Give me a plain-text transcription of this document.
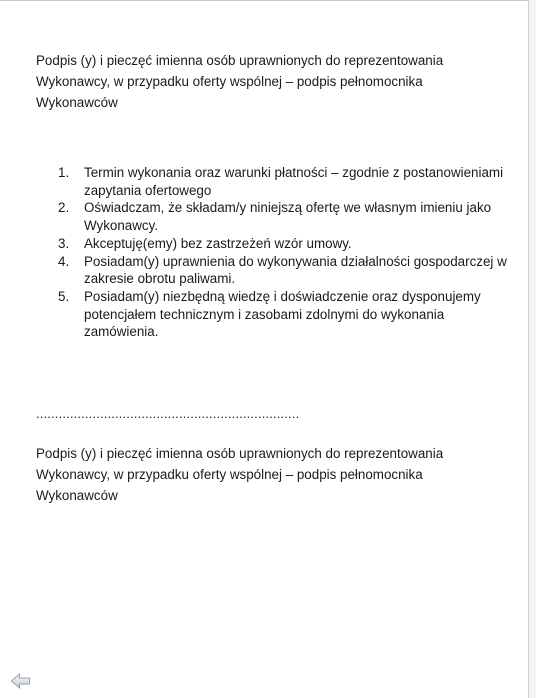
Podpis (y) i pieczęć imienna osób uprawnionych do reprezentowania Wykonawcy, w przypadku oferty wspólnej – podpis pełnomocnika Wykonawców

1. Termin wykonania oraz warunki płatności – zgodnie z postanowieniami zapytania ofertowego
2. Oświadczam, że składam/y niniejszą ofertę we własnym imieniu jako Wykonawcy.
3. Akceptuję(emy) bez zastrzeżeń wzór umowy.
4. Posiadam(y) uprawnienia do wykonywania działalności gospodarczej w zakresie obrotu paliwami.
5. Posiadam(y) niezbędną wiedzę i doświadczenie oraz dysponujemy potencjałem technicznym i zasobami zdolnymi do wykonania zamówienia.
......................................................................

Podpis (y) i pieczęć imienna osób uprawnionych do reprezentowania Wykonawcy, w przypadku oferty wspólnej – podpis pełnomocnika Wykonawców
